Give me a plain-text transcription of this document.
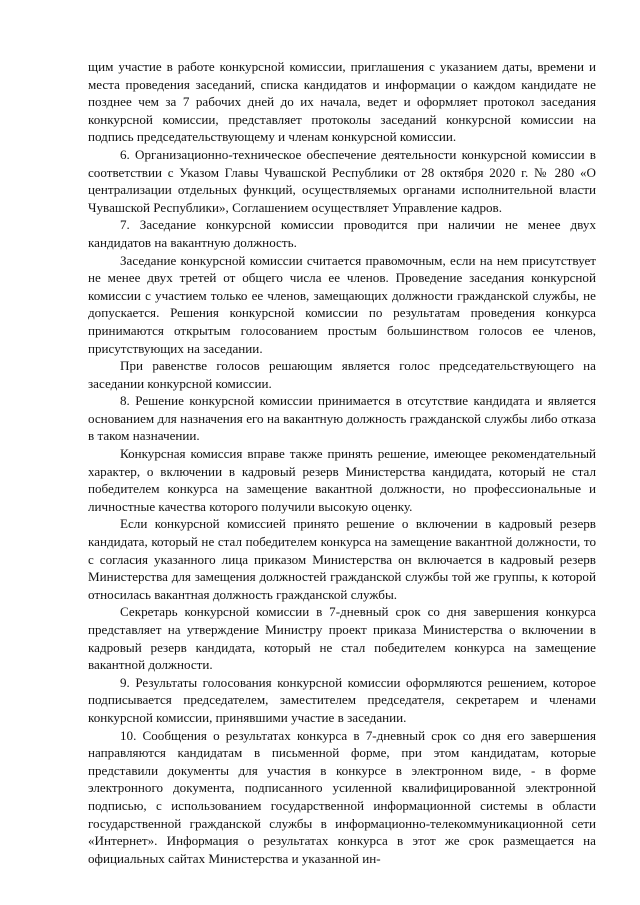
щим участие в работе конкурсной комиссии, приглашения с указанием даты, времени и места проведения заседаний, списка кандидатов и информации о каждом кандидате не позднее чем за 7 рабочих дней до их начала, ведет и оформляет протокол заседания конкурсной комиссии, представляет протоколы заседаний конкурсной комиссии на подпись председательствующему и членам конкурсной комиссии.

6. Организационно-техническое обеспечение деятельности конкурсной комиссии в соответствии с Указом Главы Чувашской Республики от 28 октября 2020 г. № 280 «О централизации отдельных функций, осуществляемых органами исполнительной власти Чувашской Республики», Соглашением осуществляет Управление кадров.

7. Заседание конкурсной комиссии проводится при наличии не менее двух кандидатов на вакантную должность.

Заседание конкурсной комиссии считается правомочным, если на нем присутствует не менее двух третей от общего числа ее членов. Проведение заседания конкурсной комиссии с участием только ее членов, замещающих должности гражданской службы, не допускается. Решения конкурсной комиссии по результатам проведения конкурса принимаются открытым голосованием простым большинством голосов ее членов, присутствующих на заседании.

При равенстве голосов решающим является голос председательствующего на заседании конкурсной комиссии.

8. Решение конкурсной комиссии принимается в отсутствие кандидата и является основанием для назначения его на вакантную должность гражданской службы либо отказа в таком назначении.

Конкурсная комиссия вправе также принять решение, имеющее рекомендательный характер, о включении в кадровый резерв Министерства кандидата, который не стал победителем конкурса на замещение вакантной должности, но профессиональные и личностные качества которого получили высокую оценку.

Если конкурсной комиссией принято решение о включении в кадровый резерв кандидата, который не стал победителем конкурса на замещение вакантной должности, то с согласия указанного лица приказом Министерства он включается в кадровый резерв Министерства для замещения должностей гражданской службы той же группы, к которой относилась вакантная должность гражданской службы.

Секретарь конкурсной комиссии в 7-дневный срок со дня завершения конкурса представляет на утверждение Министру проект приказа Министерства о включении в кадровый резерв кандидата, который не стал победителем конкурса на замещение вакантной должности.

9. Результаты голосования конкурсной комиссии оформляются решением, которое подписывается председателем, заместителем председателя, секретарем и членами конкурсной комиссии, принявшими участие в заседании.

10. Сообщения о результатах конкурса в 7-дневный срок со дня его завершения направляются кандидатам в письменной форме, при этом кандидатам, которые представили документы для участия в конкурсе в электронном виде, - в форме электронного документа, подписанного усиленной квалифицированной электронной подписью, с использованием государственной информационной системы в области государственной гражданской службы в информационно-телекоммуникационной сети «Интернет». Информация о результатах конкурса в этот же срок размещается на официальных сайтах Министерства и указанной ин-
